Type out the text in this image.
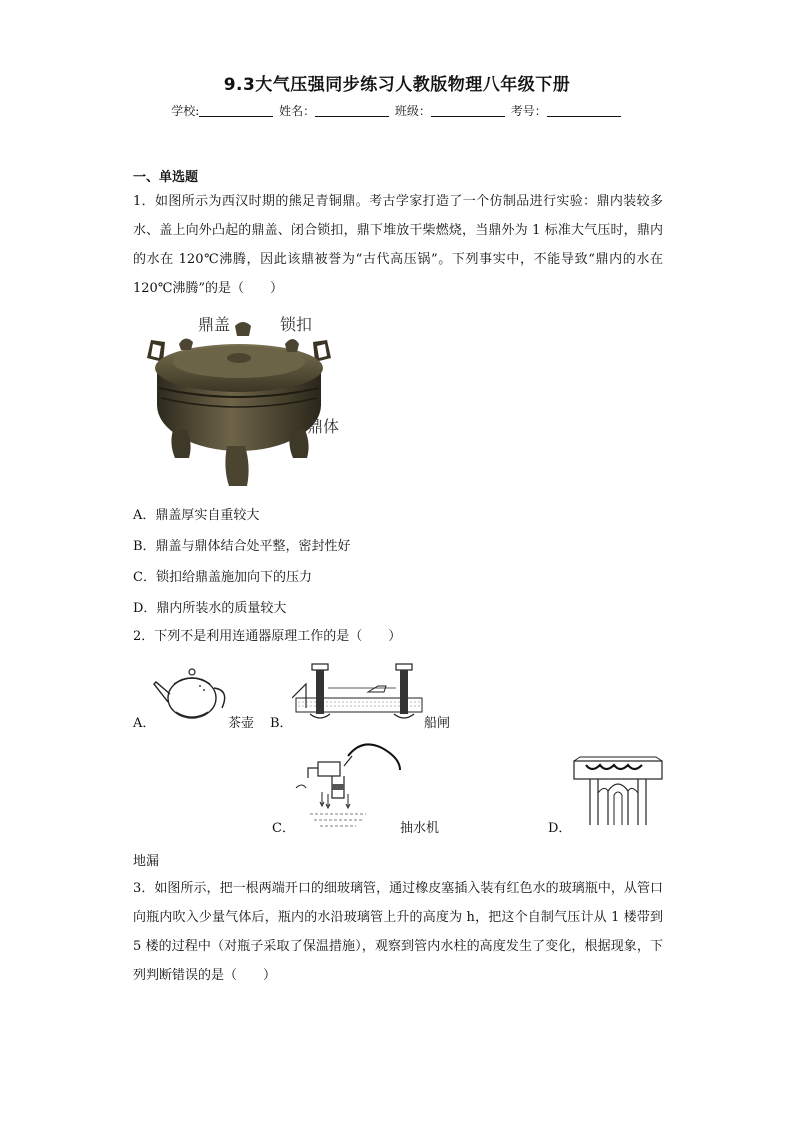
9.3大气压强同步练习人教版物理八年级下册
学校:	姓名：	班级：	考号：
一、单选题
1．如图所示为西汉时期的熊足青铜鼎。考古学家打造了一个仿制品进行实验：鼎内装较多水、盖上向外凸起的鼎盖、闭合锁扣，鼎下堆放干柴燃烧，当鼎外为 1 标准大气压时，鼎内的水在 120℃沸腾，因此该鼎被誉为“古代高压锅”。下列事实中，不能导致“鼎内的水在 120℃沸腾”的是（　　）
鼎盖	锁扣
鼎体
A．鼎盖厚实自重较大
B．鼎盖与鼎体结合处平整，密封性好
C．锁扣给鼎盖施加向下的压力
D．鼎内所装水的质量较大
2．下列不是利用连通器原理工作的是（　　）
A．	茶壶 B．	船闸
C．	抽水机	D．
地漏
3．如图所示，把一根两端开口的细玻璃管，通过橡皮塞插入装有红色水的玻璃瓶中，从管口向瓶内吹入少量气体后，瓶内的水沿玻璃管上升的高度为 h，把这个自制气压计从 1 楼带到 5 楼的过程中（对瓶子采取了保温措施），观察到管内水柱的高度发生了变化，根据现象，下列判断错误的是（　　）
